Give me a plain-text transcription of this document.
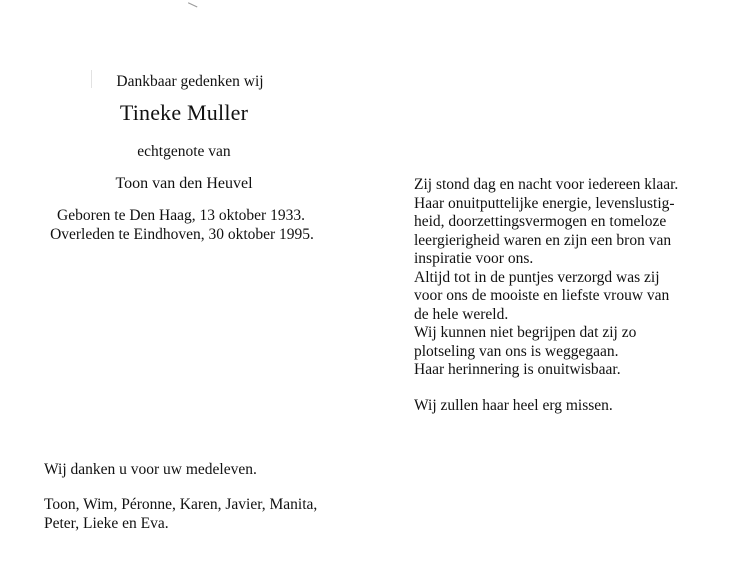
Dankbaar gedenken wij
Tineke Muller
echtgenote van
Toon van den Heuvel
Geboren te Den Haag, 13 oktober 1933.
Overleden te Eindhoven, 30 oktober 1995.
Wij danken u voor uw medeleven.
Toon, Wim, Péronne, Karen, Javier, Manita,
Peter, Lieke en Eva.
Zij stond dag en nacht voor iedereen klaar.
Haar onuitputtelijke energie, levenslustig-
heid, doorzettingsvermogen en tomeloze
leergierigheid waren en zijn een bron van
inspiratie voor ons.
Altijd tot in de puntjes verzorgd was zij
voor ons de mooiste en liefste vrouw van
de hele wereld.
Wij kunnen niet begrijpen dat zij zo
plotseling van ons is weggegaan.
Haar herinnering is onuitwisbaar.
Wij zullen haar heel erg missen.
